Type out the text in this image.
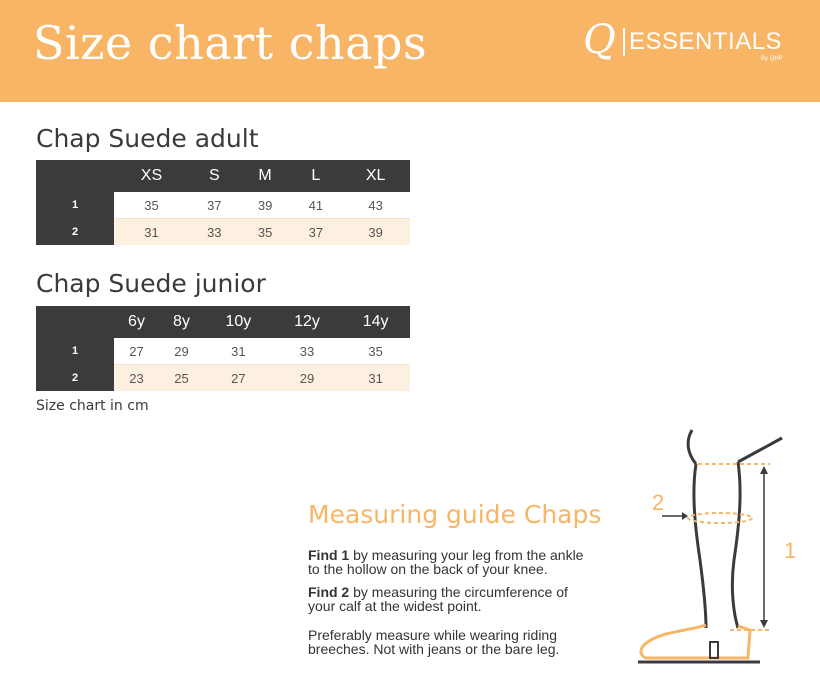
Size chart chaps	Q ESSENTIALS
By QHP
Chap Suede adult
	XS	S	M	L	XL
1	35	37	39	41	43
2	31	33	35	37	39
Chap Suede junior
	6y	8y	10y	12y	14y
1	27	29	31	33	35
2	23	25	27	29	31
Size chart in cm
Measuring guide Chaps

Find 1 by measuring your leg from the ankle
to the hollow on the back of your knee.

Find 2 by measuring the circumference of
your calf at the widest point.

Preferably measure while wearing riding
breeches. Not with jeans or the bare leg.

2
1
